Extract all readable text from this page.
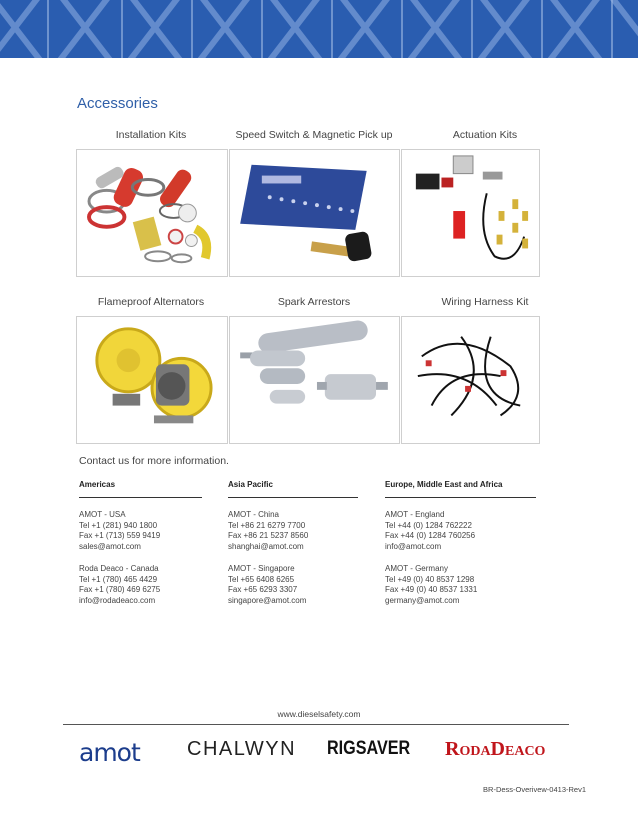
Accessories
Installation Kits	Speed Switch & Magnetic Pick up	Actuation Kits
Flameproof Alternators	Spark Arrestors	Wiring Harness Kit
Contact us for more information.
Americas
AMOT - USA
Tel +1 (281) 940 1800
Fax +1 (713) 559 9419
sales@amot.com
Roda Deaco - Canada
Tel +1 (780) 465 4429
Fax +1 (780) 469 6275
info@rodadeaco.com
Asia Pacific
AMOT - China
Tel +86 21 6279 7700
Fax +86 21 5237 8560
shanghai@amot.com
AMOT - Singapore
Tel +65 6408 6265
Fax +65 6293 3307
singapore@amot.com
Europe, Middle East and Africa
AMOT - England
Tel +44 (0) 1284 762222
Fax +44 (0) 1284 760256
info@amot.com
AMOT - Germany
Tel +49 (0) 40 8537 1298
Fax +49 (0) 40 8537 1331
germany@amot.com
www.dieselsafety.com
amot CHALWYN RIGSAVER RodaDeaco
BR-Dess-Overivew-0413-Rev1
